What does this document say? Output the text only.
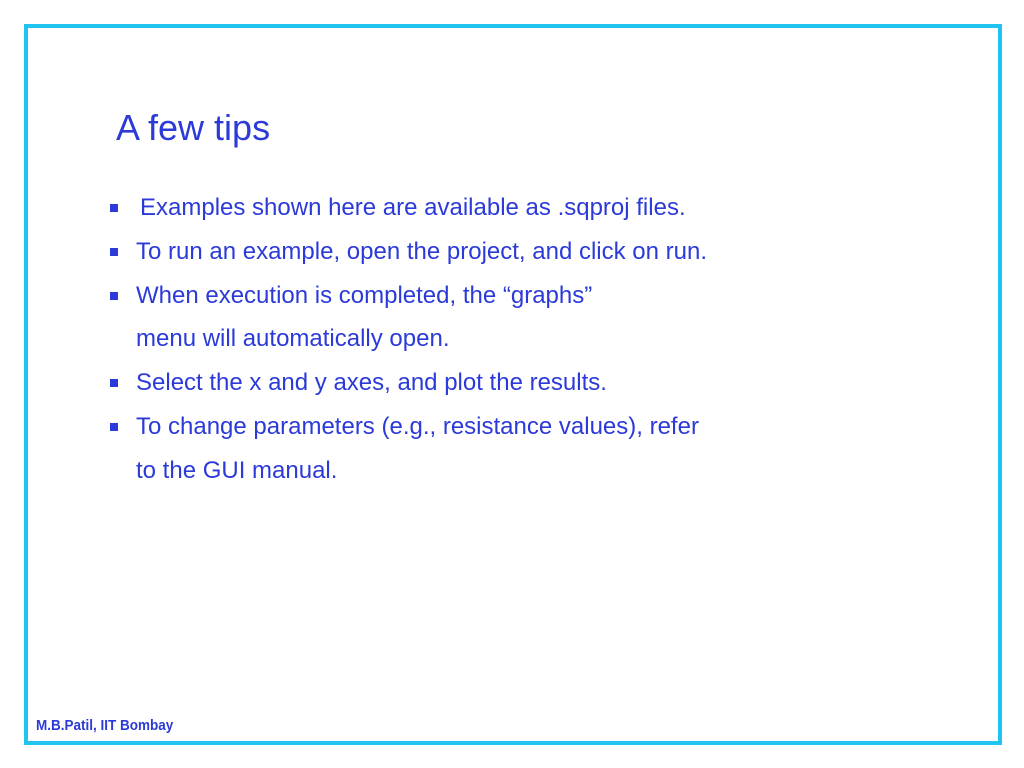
A few tips
Examples shown here are available as .sqproj files.
To run an example, open the project, and click on run.
When execution is completed, the “graphs”
menu will automatically open.
Select the x and y axes, and plot the results.
To change parameters (e.g., resistance values), refer
to the GUI manual.
M.B.Patil, IIT Bombay
